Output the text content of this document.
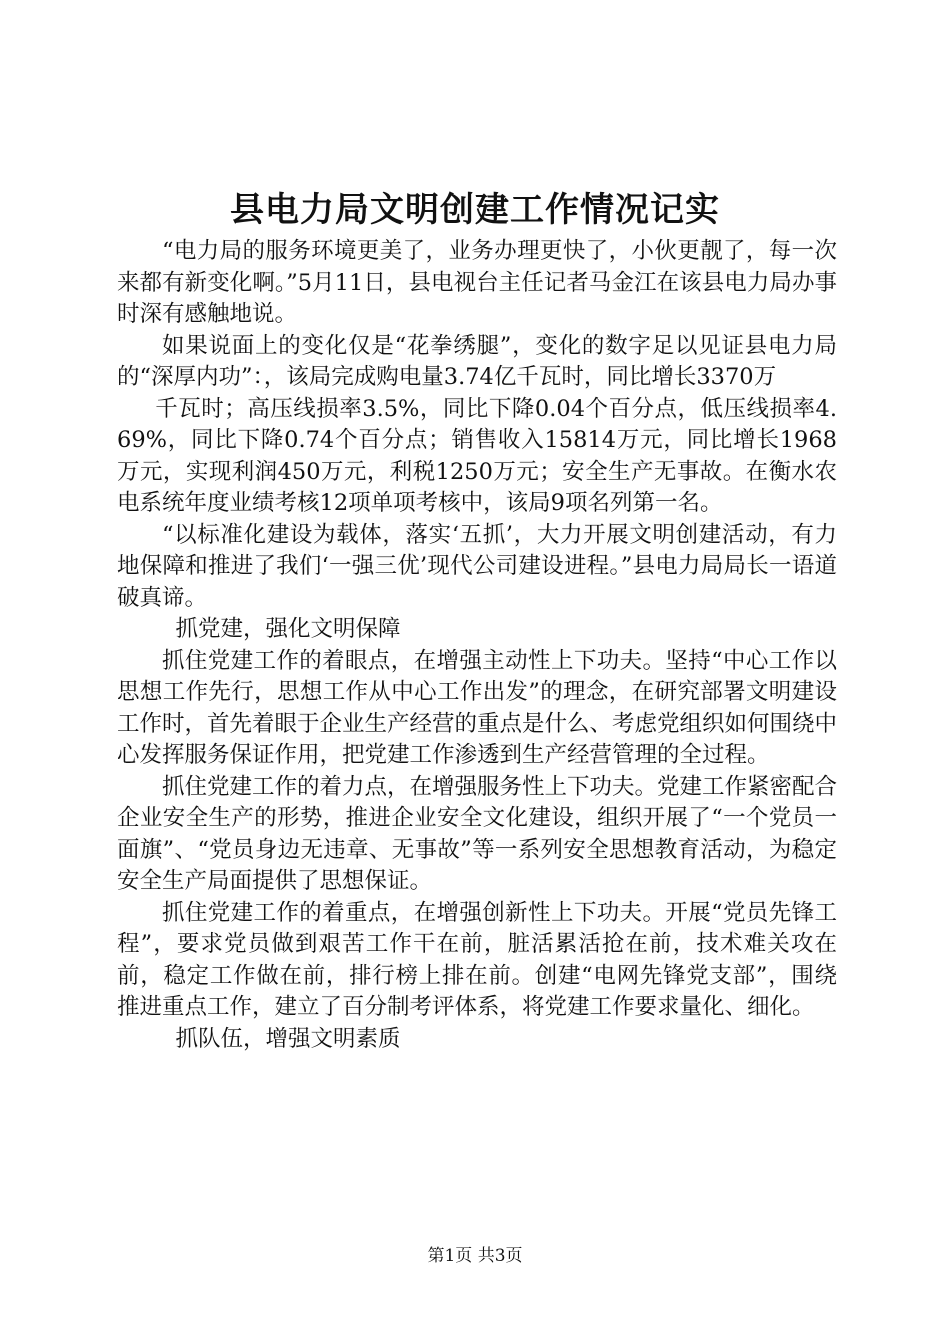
县电力局文明创建工作情况记实

“电力局的服务环境更美了，业务办理更快了，小伙更靓了，每一次来都有新变化啊。”5月11日，县电视台主任记者马金江在该县电力局办事时深有感触地说。

如果说面上的变化仅是“花拳绣腿”，变化的数字足以见证县电力局的“深厚内功”：，该局完成购电量3.74亿千瓦时，同比增长3370万

千瓦时；高压线损率3.5%，同比下降0.04个百分点，低压线损率4.69%，同比下降0.74个百分点；销售收入15814万元，同比增长1968万元，实现利润450万元，利税1250万元；安全生产无事故。在衡水农电系统年度业绩考核12项单项考核中，该局9项名列第一名。

“以标准化建设为载体，落实‘五抓’，大力开展文明创建活动，有力地保障和推进了我们‘一强三优’现代公司建设进程。”县电力局局长一语道破真谛。

抓党建，强化文明保障

抓住党建工作的着眼点，在增强主动性上下功夫。坚持“中心工作以思想工作先行，思想工作从中心工作出发”的理念，在研究部署文明建设工作时，首先着眼于企业生产经营的重点是什么、考虑党组织如何围绕中心发挥服务保证作用，把党建工作渗透到生产经营管理的全过程。

抓住党建工作的着力点，在增强服务性上下功夫。党建工作紧密配合企业安全生产的形势，推进企业安全文化建设，组织开展了“一个党员一面旗”、“党员身边无违章、无事故”等一系列安全思想教育活动，为稳定安全生产局面提供了思想保证。

抓住党建工作的着重点，在增强创新性上下功夫。开展“党员先锋工程”，要求党员做到艰苦工作干在前，脏活累活抢在前，技术难关攻在前，稳定工作做在前，排行榜上排在前。创建“电网先锋党支部”，围绕推进重点工作，建立了百分制考评体系，将党建工作要求量化、细化。

抓队伍，增强文明素质

第1页 共3页
